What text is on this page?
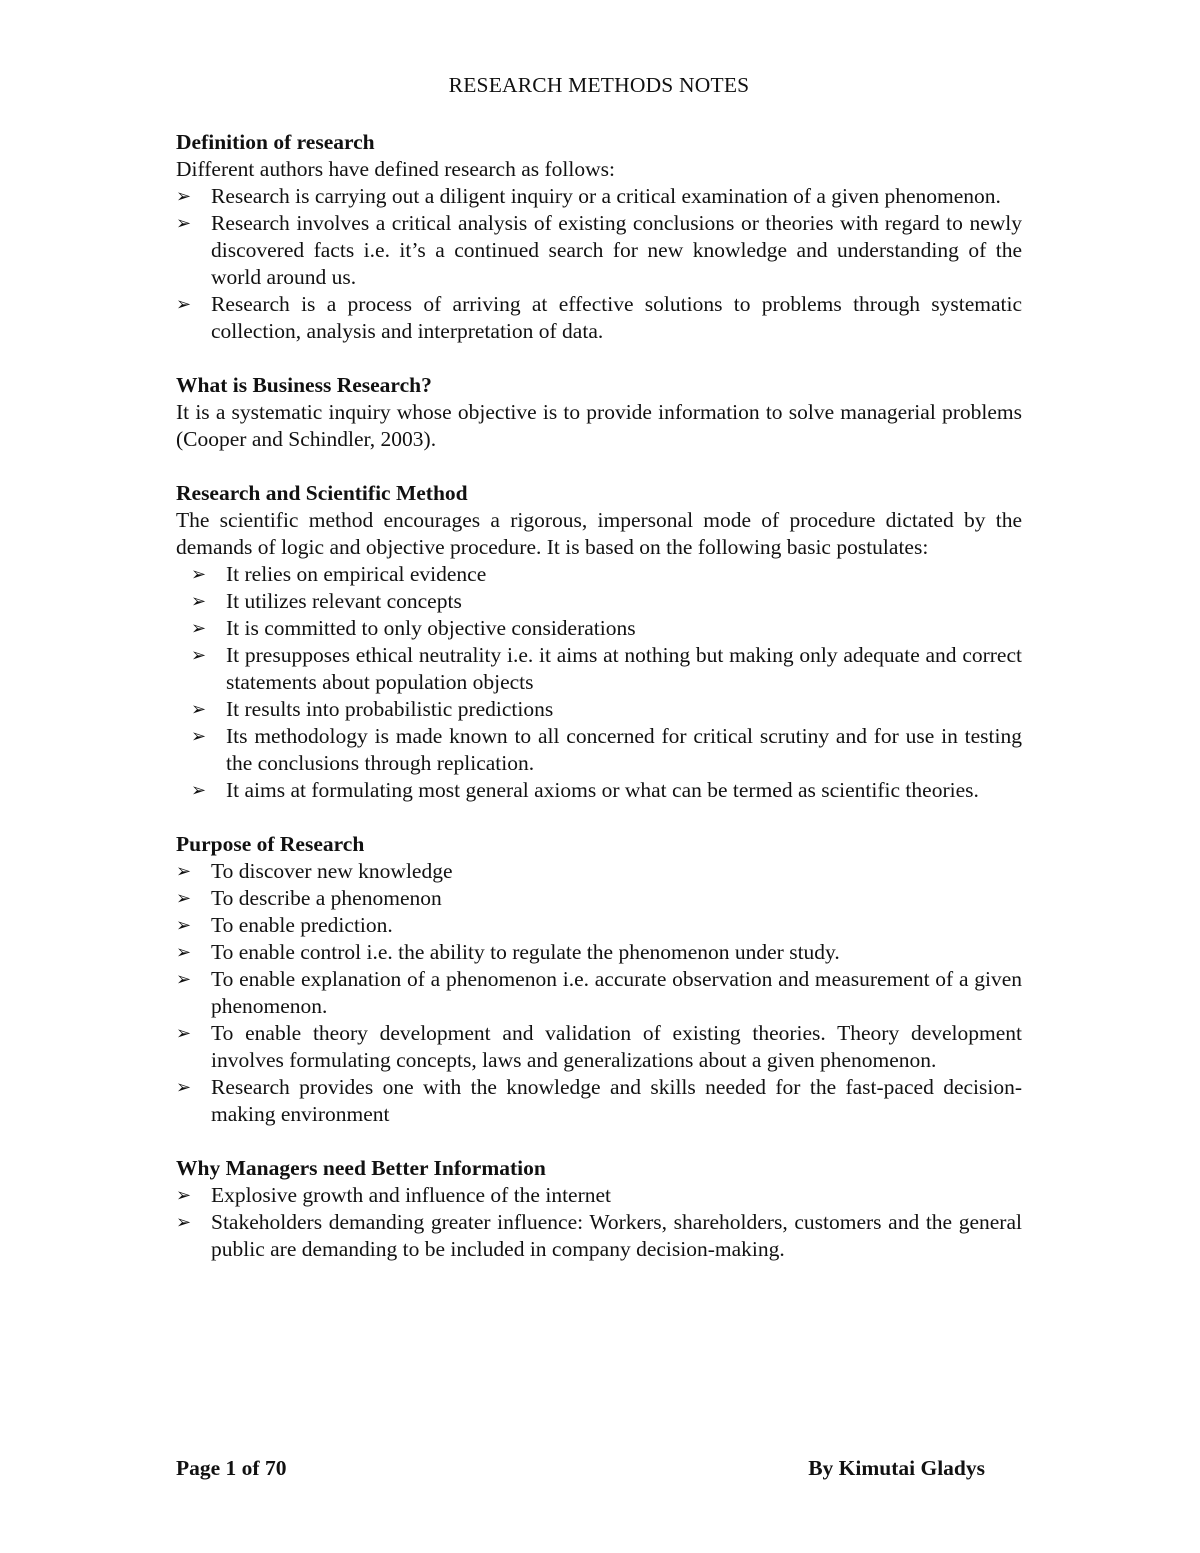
RESEARCH METHODS NOTES

Definition of research

Different authors have defined research as follows:

➢ Research is carrying out a diligent inquiry or a critical examination of a given phenomenon.
➢ Research involves a critical analysis of existing conclusions or theories with regard to newly discovered facts i.e. it’s a continued search for new knowledge and understanding of the world around us.
➢ Research is a process of arriving at effective solutions to problems through systematic collection, analysis and interpretation of data.

What is Business Research?

It is a systematic inquiry whose objective is to provide information to solve managerial problems (Cooper and Schindler, 2003).

Research and Scientific Method

The scientific method encourages a rigorous, impersonal mode of procedure dictated by the demands of logic and objective procedure. It is based on the following basic postulates:

➢ It relies on empirical evidence
➢ It utilizes relevant concepts
➢ It is committed to only objective considerations
➢ It presupposes ethical neutrality i.e. it aims at nothing but making only adequate and correct statements about population objects
➢ It results into probabilistic predictions
➢ Its methodology is made known to all concerned for critical scrutiny and for use in testing the conclusions through replication.
➢ It aims at formulating most general axioms or what can be termed as scientific theories.

Purpose of Research

➢ To discover new knowledge
➢ To describe a phenomenon
➢ To enable prediction.
➢ To enable control i.e. the ability to regulate the phenomenon under study.
➢ To enable explanation of a phenomenon i.e. accurate observation and measurement of a given phenomenon.
➢ To enable theory development and validation of existing theories. Theory development involves formulating concepts, laws and generalizations about a given phenomenon.
➢ Research provides one with the knowledge and skills needed for the fast-paced decision-making environment

Why Managers need Better Information

➢ Explosive growth and influence of the internet
➢ Stakeholders demanding greater influence: Workers, shareholders, customers and the general public are demanding to be included in company decision-making.
Page 1 of 70	By Kimutai Gladys
